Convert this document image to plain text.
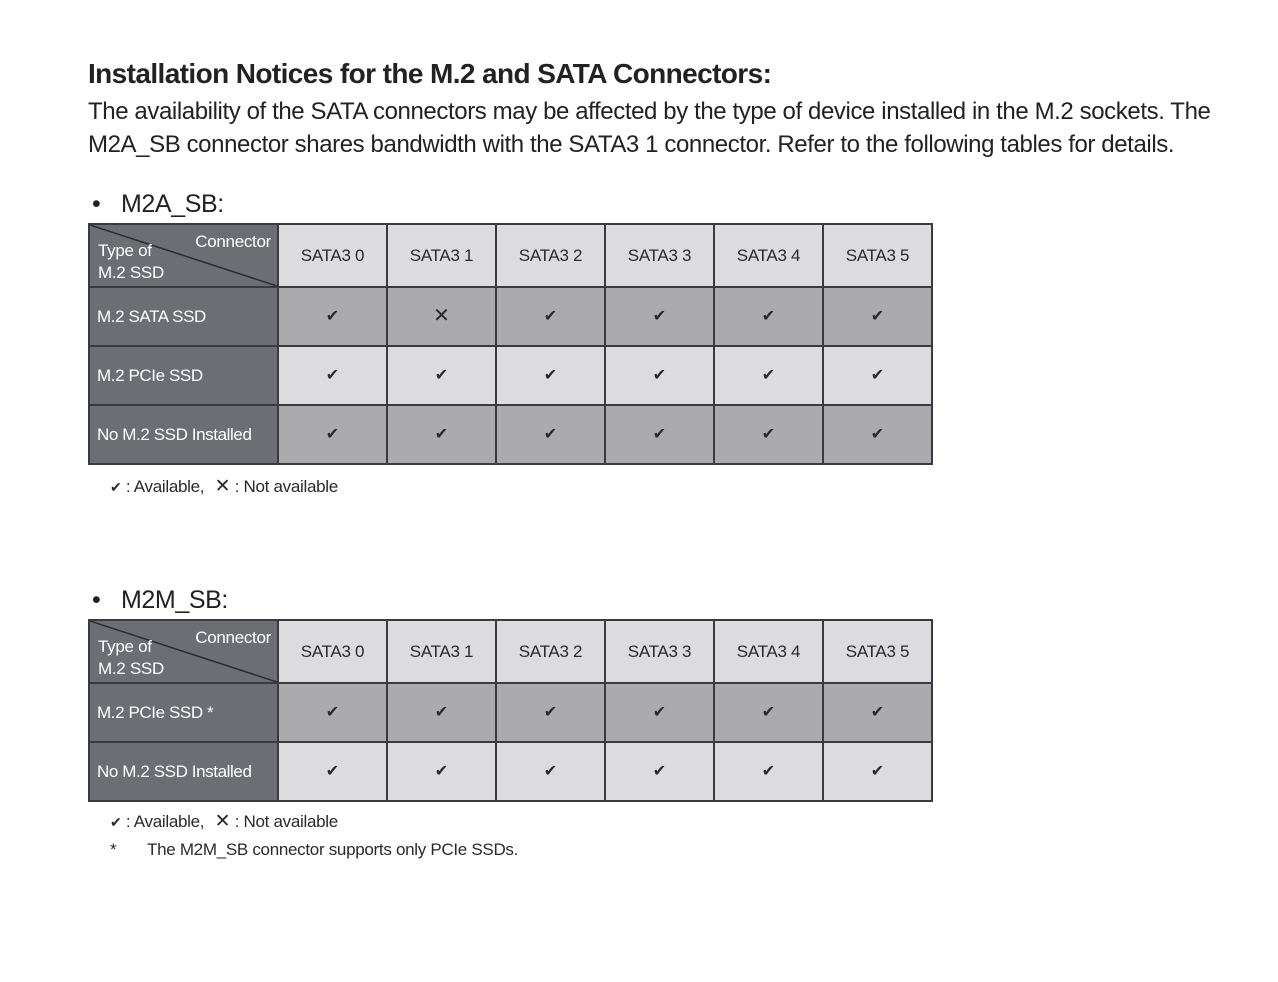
Installation Notices for the M.2 and SATA Connectors:

The availability of the SATA connectors may be affected by the type of device installed in the M.2 sockets. The M2A_SB connector shares bandwidth with the SATA3 1 connector. Refer to the following tables for details.

• M2A_SB:
Connector
Type of
M.2 SSD	SATA3 0	SATA3 1	SATA3 2	SATA3 3	SATA3 4	SATA3 5
M.2 SATA SSD	✔	✕	✔	✔	✔	✔
M.2 PCIe SSD	✔	✔	✔	✔	✔	✔
No M.2 SSD Installed	✔	✔	✔	✔	✔	✔
✔ : Available, ✕ : Not available
• M2M_SB:
Connector
Type of
M.2 SSD	SATA3 0	SATA3 1	SATA3 2	SATA3 3	SATA3 4	SATA3 5
M.2 PCIe SSD *	✔	✔	✔	✔	✔	✔
No M.2 SSD Installed	✔	✔	✔	✔	✔	✔
✔ : Available, ✕ : Not available
* The M2M_SB connector supports only PCIe SSDs.
